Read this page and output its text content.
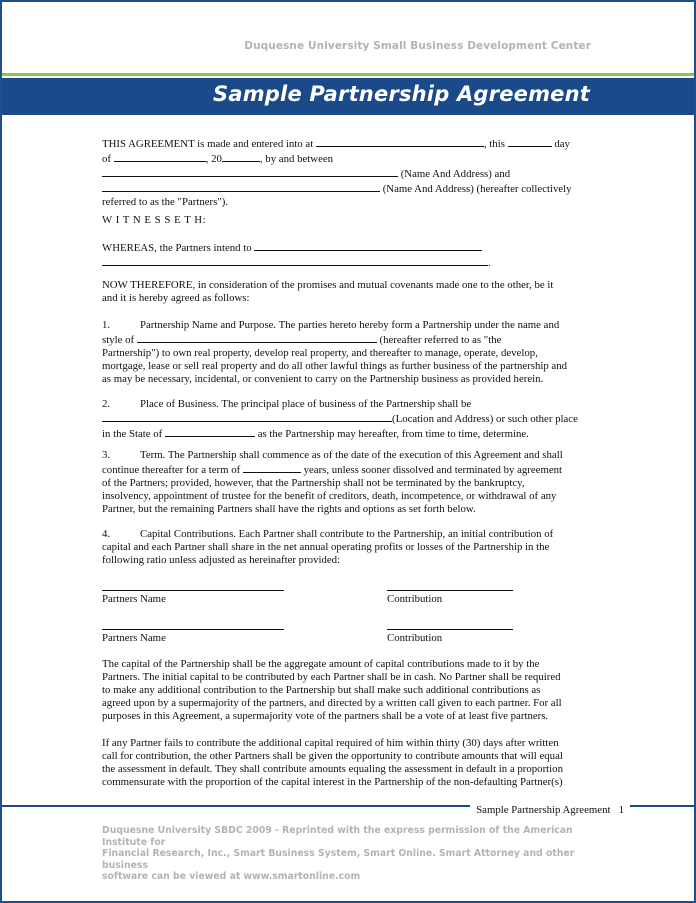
Duquesne University Small Business Development Center
Sample Partnership Agreement

THIS AGREEMENT is made and entered into at	, this	day

of	, 20	, by and between

(Name And Address) and

(Name And Address) (hereafter collectively

referred to as the "Partners").

W I T N E S S E T H:

WHEREAS, the Partners intend to

.

NOW THEREFORE, in consideration of the promises and mutual covenants made one to the other, be it

and it is hereby agreed as follows:

1.	Partnership Name and Purpose. The parties hereto hereby form a Partnership under the name and

style of	(hereafter referred to as "the

Partnership") to own real property, develop real property, and thereafter to manage, operate, develop,

mortgage, lease or sell real property and do all other lawful things as further business of the partnership and

as may be necessary, incidental, or convenient to carry on the Partnership business as provided herein.

2.	Place of Business. The principal place of business of the Partnership shall be

(Location and Address) or such other place

in the State of	as the Partnership may hereafter, from time to time, determine.

3.	Term. The Partnership shall commence as of the date of the execution of this Agreement and shall

continue thereafter for a term of	years, unless sooner dissolved and terminated by agreement

of the Partners; provided, however, that the Partnership shall not be terminated by the bankruptcy,

insolvency, appointment of trustee for the benefit of creditors, death, incompetence, or withdrawal of any

Partner, but the remaining Partners shall have the rights and options as set forth below.

4.	Capital Contributions. Each Partner shall contribute to the Partnership, an initial contribution of

capital and each Partner shall share in the net annual operating profits or losses of the Partnership in the

following ratio unless adjusted as hereinafter provided:

Partners Name	Contribution
Partners Name	Contribution

The capital of the Partnership shall be the aggregate amount of capital contributions made to it by the

Partners. The initial capital to be contributed by each Partner shall be in cash. No Partner shall be required

to make any additional contribution to the Partnership but shall make such additional contributions as

agreed upon by a supermajority of the partners, and directed by a written call given to each partner. For all

purposes in this Agreement, a supermajority vote of the partners shall be a vote of at least five partners.

If any Partner fails to contribute the additional capital required of him within thirty (30) days after written

call for contribution, the other Partners shall be given the opportunity to contribute amounts that will equal

the assessment in default. They shall contribute amounts equaling the assessment in default in a proportion

commensurate with the proportion of the capital interest in the Partnership of the non-defaulting Partner(s)

Sample Partnership Agreement 1
Duquesne University SBDC 2009 - Reprinted with the express permission of the American Institute for
Financial Research, Inc., Smart Business System, Smart Online. Smart Attorney and other business
software can be viewed at www.smartonline.com
